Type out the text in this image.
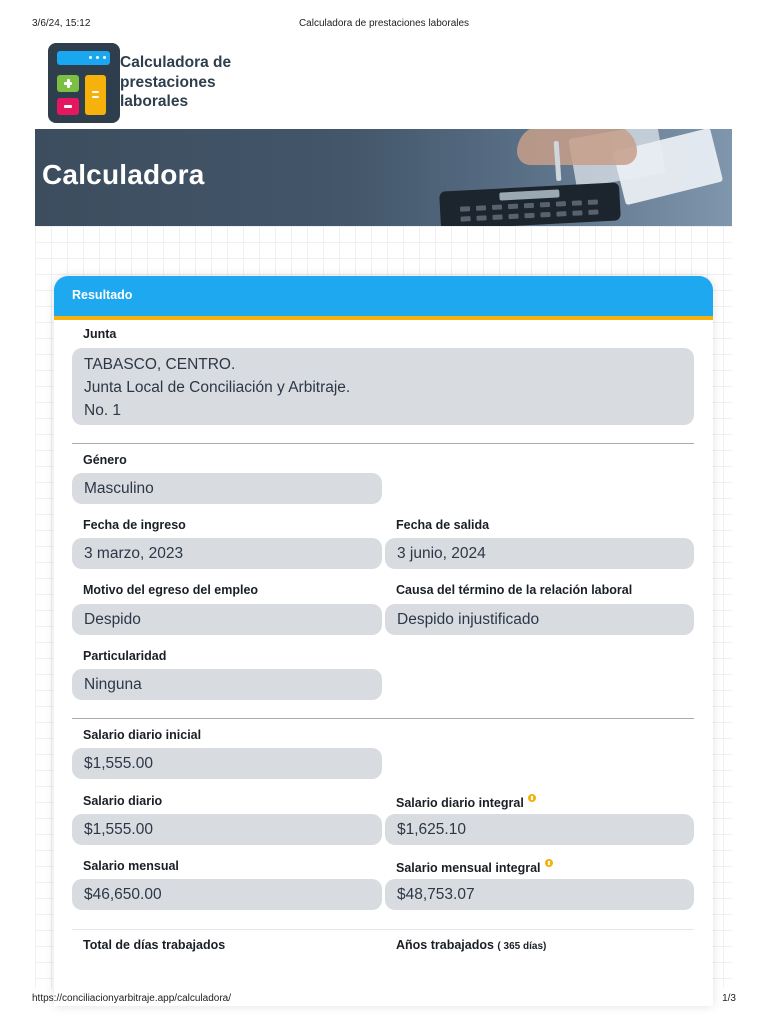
3/6/24, 15:12	Calculadora de prestaciones laborales
Calculadora de
prestaciones
laborales
Calculadora
Resultado
Junta
TABASCO, CENTRO.
Junta Local de Conciliación y Arbitraje.
No. 1
Género
Masculino
Fecha de ingreso
3 marzo, 2023
Fecha de salida
3 junio, 2024
Motivo del egreso del empleo
Despido
Causa del término de la relación laboral
Despido injustificado
Particularidad
Ninguna
Salario diario inicial
$1,555.00
Salario diario
$1,555.00
Salario diario integral
$1,625.10
Salario mensual
$46,650.00
Salario mensual integral
$48,753.07
Total de días trabajados	Años trabajados ( 365 días)
https://conciliacionyarbitraje.app/calculadora/	1/3
